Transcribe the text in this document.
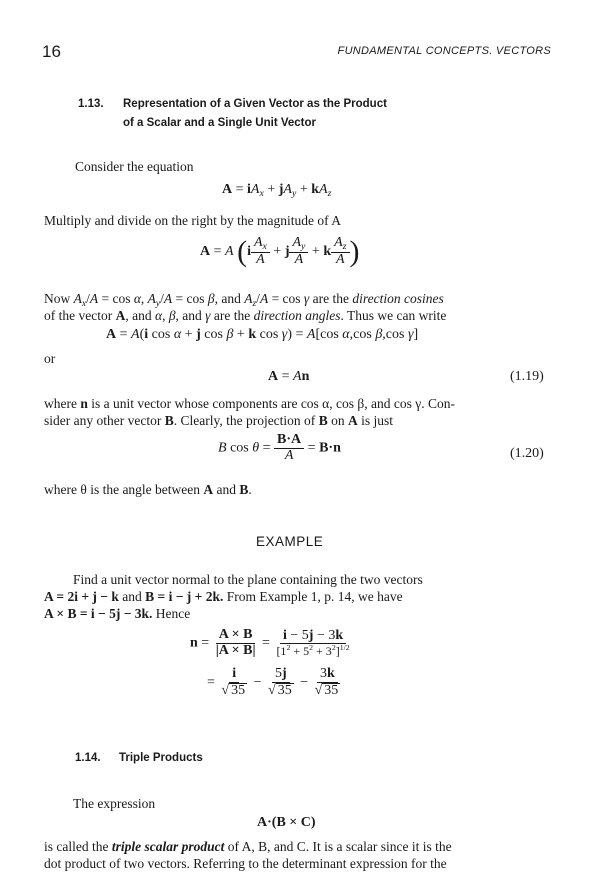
16	FUNDAMENTAL CONCEPTS. VECTORS
1.13. Representation of a Given Vector as the Product
of a Scalar and a Single Unit Vector
Consider the equation
$A = iA_x + jA_y + kA_z$
Multiply and divide on the right by the magnitude of A
A = A ($i \frac{A_x}{A} + j \frac{A_y}{A} + k \frac{A_z}{A}$ )
Now $A_x/A = \cos \alpha$, $A_y/A = \cos \beta$, and $A_z/A = \cos \gamma$ are the direction cosines
of the vector A, and α, β, and γ are the direction angles. Thus we can write
A = A(i cos α + j cos β + k cos γ) = A[cos α,cos β,cos γ]
or
A = An	(1.19)
where n is a unit vector whose components are cos α, cos β, and cos γ. Con-
sider any other vector B. Clearly, the projection of B on A is just
B $\cos \theta = \frac{B\cdot A}{A} = B\cdot n$	(1.20)
where θ is the angle between A and B.
EXAMPLE
Find a unit vector normal to the plane containing the two vectors
A = 2i + j − k and B = i − j + 2k. From Example 1, p. 14, we have
A × B = i − 5j − 3k. Hence
$n = \frac{A \times B}{|A \times B|} = \frac{i - 5j - 3k}{[1^2 + 5^2 + 3^2]^{1/2}}$
= $\frac{i}{√ 35} - \frac{5j}{√ 35} - \frac{3k}{√ 35}$
1.14. Triple Products
The expression
A·(B × C)
is called the triple scalar product of A, B, and C. It is a scalar since it is the
dot product of two vectors. Referring to the determinant expression for the
